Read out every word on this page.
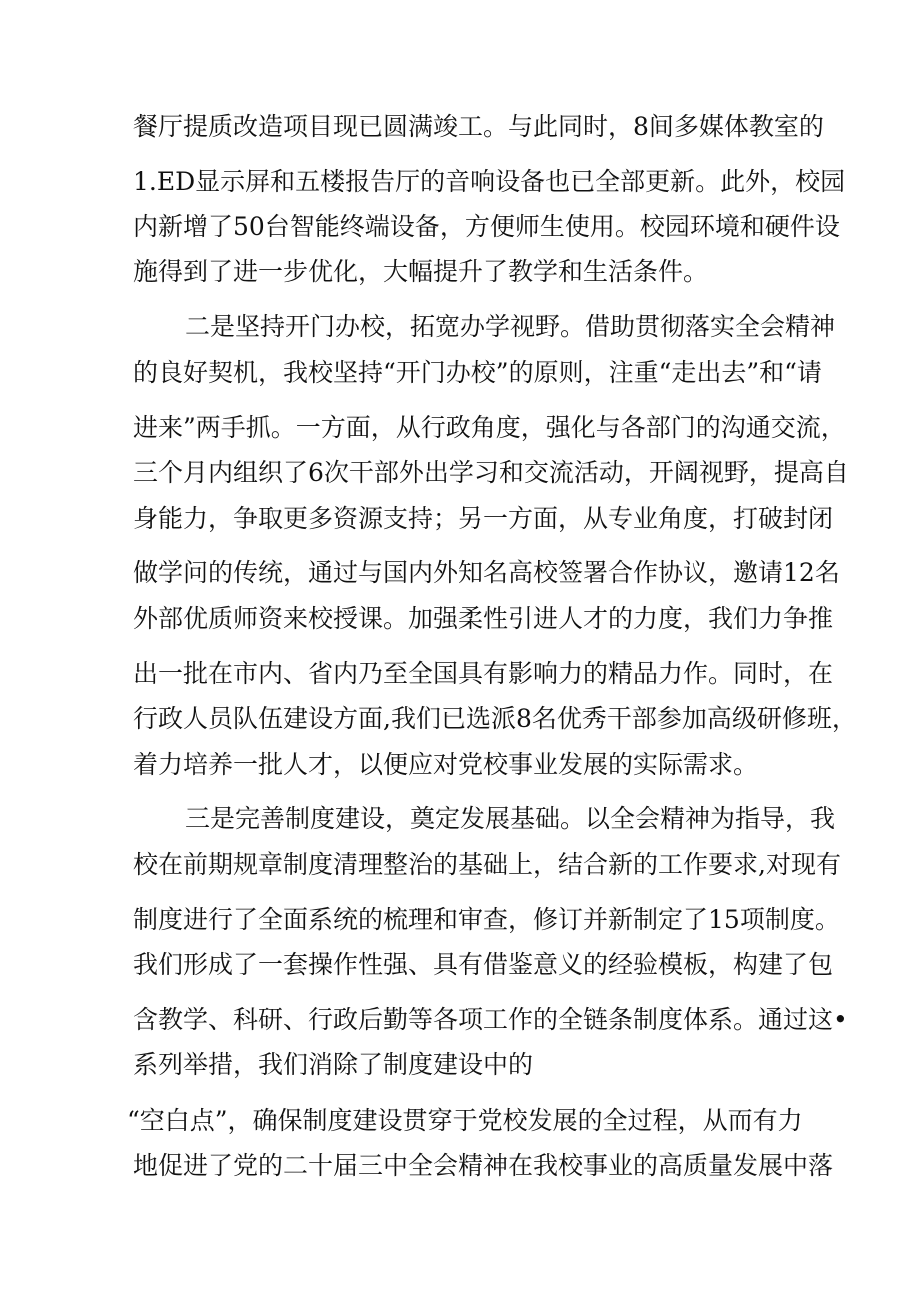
餐厅提质改造项目现已圆满竣工。与此同时，8间多媒体教室的
1.ED显示屏和五楼报告厅的音响设备也已全部更新。此外，校园
内新增了50台智能终端设备，方便师生使用。校园环境和硬件设
施得到了进一步优化，大幅提升了教学和生活条件。
二是坚持开门办校，拓宽办学视野。借助贯彻落实全会精神
的良好契机，我校坚持“开门办校”的原则，注重“走出去”和“请
进来”两手抓。一方面，从行政角度，强化与各部门的沟通交流，
三个月内组织了6次干部外出学习和交流活动，开阔视野，提高自
身能力，争取更多资源支持；另一方面，从专业角度，打破封闭
做学问的传统，通过与国内外知名高校签署合作协议，邀请12名
外部优质师资来校授课。加强柔性引进人才的力度，我们力争推
出一批在市内、省内乃至全国具有影响力的精品力作。同时，在
行政人员队伍建设方面,我们已选派8名优秀干部参加高级研修班，
着力培养一批人才，以便应对党校事业发展的实际需求。
三是完善制度建设，奠定发展基础。以全会精神为指导，我
校在前期规章制度清理整治的基础上，结合新的工作要求,对现有
制度进行了全面系统的梳理和审查，修订并新制定了15项制度。
我们形成了一套操作性强、具有借鉴意义的经验模板，构建了包
含教学、科研、行政后勤等各项工作的全链条制度体系。通过这•
系列举措，我们消除了制度建设中的
“空白点”，确保制度建设贯穿于党校发展的全过程，从而有力
地促进了党的二十届三中全会精神在我校事业的高质量发展中落
